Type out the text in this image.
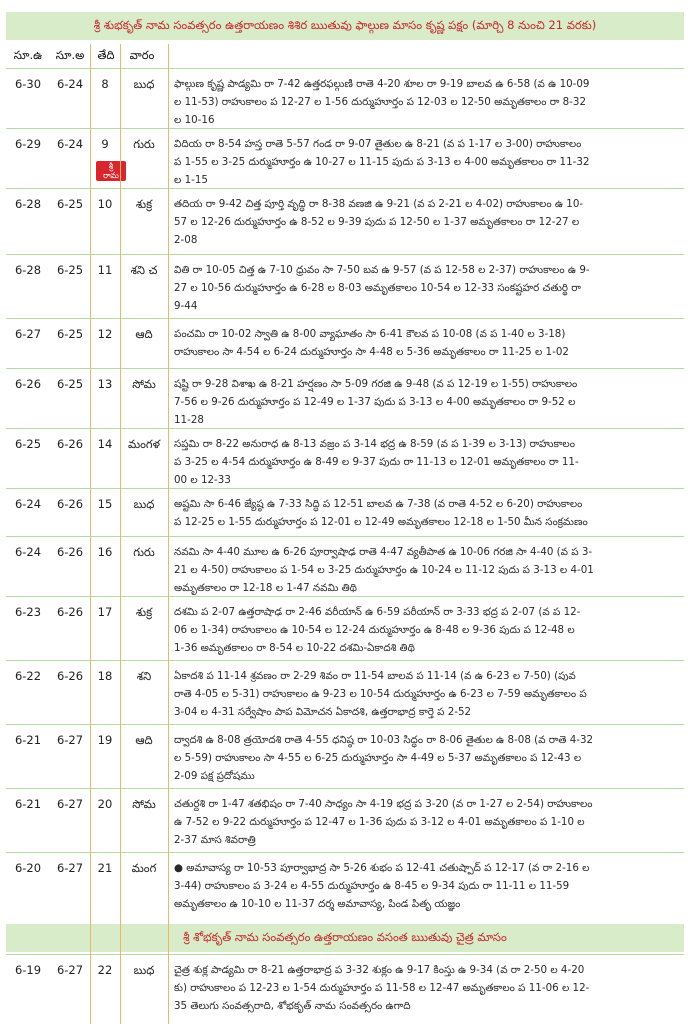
శ్రీ శుభకృత్ నామ సంవత్సరం ఉత్తరాయణం శిశిర ఋతువు ఫాల్గుణ మాసం కృష్ణ పక్షం (మార్చి 8 నుంచి 21 వరకు)
సూ.ఉ	సూ.అ	తేది	వారం
6-30	6-24	8	బుధ	ఫాల్గుణ కృష్ణ పాడ్యమి రా 7-42 ఉత్తరఫల్గుణి రాతె 4-20 శూల రా 9-19 బాలవ ఉ 6-58 (వ ఉ 10-09
ల 11-53) రాహుకాలం ప 12-27 ల 1-56 దుర్ముహూర్తం ప 12-03 ల 12-50 అమృతకాలం రా 8-32
ల 10-16
6-29	6-24	9	గురు	విదియ రా 8-54 హస్త రాతె 5-57 గండ రా 9-07 తైతుల ఉ 8-21 (వ ప 1-17 ల 3-00) రాహుకాలం
ప 1-55 ల 3-25 దుర్ముహూర్తం ఉ 10-27 ల 11-15 పుదు ప 3-13 ల 4-00 అమృతకాలం రా 11-32
ల 1-15
శ్రీ
రామ
6-28	6-25	10	శుక్ర	తదియ రా 9-42 చిత్త పూర్తి వృద్ధి రా 8-38 వణజి ఉ 9-21 (వ ప 2-21 ల 4-02) రాహుకాలం ఉ 10-
57 ల 12-26 దుర్ముహూర్తం ఉ 8-52 ల 9-39 పుదు ప 12-50 ల 1-37 అమృతకాలం రా 12-27 ల
2-08
6-28	6-25	11	శని చ	వితి రా 10-05 చిత్త ఉ 7-10 ధ్రువం సా 7-50 బవ ఉ 9-57 (వ ప 12-58 ల 2-37) రాహుకాలం ఉ 9-
27 ల 10-56 దుర్ముహూర్తం ఉ 6-28 ల 8-03 అమృతకాలం 10-54 ల 12-33 సంకష్టహర చతుర్థి రా
9-44
6-27	6-25	12	ఆది	పంచమి రా 10-02 స్వాతి ఉ 8-00 వ్యాఘాతం సా 6-41 కౌలవ ప 10-08 (వ ప 1-40 ల 3-18)
రాహుకాలం సా 4-54 ల 6-24 దుర్ముహూర్తం సా 4-48 ల 5-36 అమృతకాలం రా 11-25 ల 1-02
6-26	6-25	13	సోమ	షష్టి రా 9-28 విశాఖ ఉ 8-21 హర్షణం సా 5-09 గరజి ఉ 9-48 (వ ప 12-19 ల 1-55) రాహుకాలం
7-56 ల 9-26 దుర్ముహూర్తం ప 12-49 ల 1-37 పుదు ప 3-13 ల 4-00 అమృతకాలం రా 9-52 ల
11-28
6-25	6-26	14	మంగళ	సప్తమి రా 8-22 అనురాధ ఉ 8-13 వజ్రం ప 3-14 భద్ర ఉ 8-59 (వ ప 1-39 ల 3-13) రాహుకాలం
ప 3-25 ల 4-54 దుర్ముహూర్తం ఉ 8-49 ల 9-37 పుదు రా 11-13 ల 12-01 అమృతకాలం రా 11-
00 ల 12-33
6-24	6-26	15	బుధ	అష్టమి సా 6-46 జ్యేష్ఠ ఉ 7-33 సిద్ధి ప 12-51 బాలవ ఉ 7-38 (వ రాతె 4-52 ల 6-20) రాహుకాలం
ప 12-25 ల 1-55 దుర్ముహూర్తం ప 12-01 ల 12-49 అమృతకాలం 12-18 ల 1-50 మీన సంక్రమణం
6-24	6-26	16	గురు	నవమి సా 4-40 మూల ఉ 6-26 పూర్వాషాఢ రాతె 4-47 వ్యతీపాత ఉ 10-06 గరజి సా 4-40 (వ ప 3-
21 ల 4-50) రాహుకాలం ప 1-54 ల 3-25 దుర్ముహూర్తం ఉ 10-24 ల 11-12 పుదు ప 3-13 ల 4-01
అమృతకాలం రా 12-18 ల 1-47 నవమి తిథి
6-23	6-26	17	శుక్ర	దశమి ప 2-07 ఉత్తరాషాఢ రా 2-46 వరీయాన్ ఉ 6-59 పరీయాన్ రా 3-33 భద్ర ప 2-07 (వ ప 12-
06 ల 1-34) రాహుకాలం ఉ 10-54 ల 12-24 దుర్ముహూర్తం ఉ 8-48 ల 9-36 పుదు ప 12-48 ల
1-36 అమృతకాలం రా 8-54 ల 10-22 దశమి-ఏకాదశి తిథి
6-22	6-26	18	శని	ఏకాదశి ప 11-14 శ్రవణం రా 2-29 శివం రా 11-54 బాలవ ప 11-14 (వ ఉ 6-23 ల 7-50) (పువ
రాతె 4-05 ల 5-31) రాహుకాలం ఉ 9-23 ల 10-54 దుర్ముహూర్తం ఉ 6-23 ల 7-59 అమృతకాలం ప
3-04 ల 4-31 సర్వేషాం పాప విమోచన ఏకాదశి, ఉత్తరాభాద్ర కార్తె ప 2-52
6-21	6-27	19	ఆది	ద్వాదశి ఉ 8-08 త్రయోదశి రాతె 4-55 ధనిష్ఠ రా 10-03 సిద్ధం రా 8-06 తైతుల ఉ 8-08 (వ రాతె 4-32
ల 5-59) రాహుకాలం సా 4-55 ల 6-25 దుర్ముహూర్తం సా 4-49 ల 5-37 అమృతకాలం ప 12-43 ల
2-09 పక్ష ప్రదోషము
6-21	6-27	20	సోమ	చతుర్దశి రా 1-47 శతభిషం రా 7-40 సాధ్యం సా 4-19 భద్ర ప 3-20 (వ రా 1-27 ల 2-54) రాహుకాలం
ఉ 7-52 ల 9-22 దుర్ముహూర్తం ప 12-47 ల 1-36 పుదు ప 3-12 ల 4-01 అమృతకాలం ప 1-10 ల
2-37 మాస శివరాత్రి
6-20	6-27	21	మంగ	● అమావాస్య రా 10-53 పూర్వాభాద్ర సా 5-26 శుభం ప 12-41 చతుష్పాద్ ప 12-17 (వ రా 2-16 ల
3-44) రాహుకాలం ప 3-24 ల 4-55 దుర్ముహూర్తం ఉ 8-45 ల 9-34 పుదు రా 11-11 ల 11-59
అమృతకాలం ఉ 10-10 ల 11-37 దర్శ అమావాస్య, పిండ పితృ యజ్ఞం
6-19	6-27	22	బుధ	చైత్ర శుక్ల పాడ్యమి రా 8-21 ఉత్తరాభాద్ర ప 3-32 శుక్లం ఉ 9-17 కింస్తు ఉ 9-34 (వ రా 2-50 ల 4-20
కు) రాహుకాలం ప 12-23 ల 1-54 దుర్ముహూర్తం ప 11-58 ల 12-47 అమృతకాలం ప 11-06 ల 12-
35 తెలుగు సంవత్సరాది, శోభకృత్ నామ సంవత్సరం ఉగాది
శ్రీ శోభకృత్ నామ సంవత్సరం ఉత్తరాయణం వసంత ఋతువు చైత్ర మాసం
